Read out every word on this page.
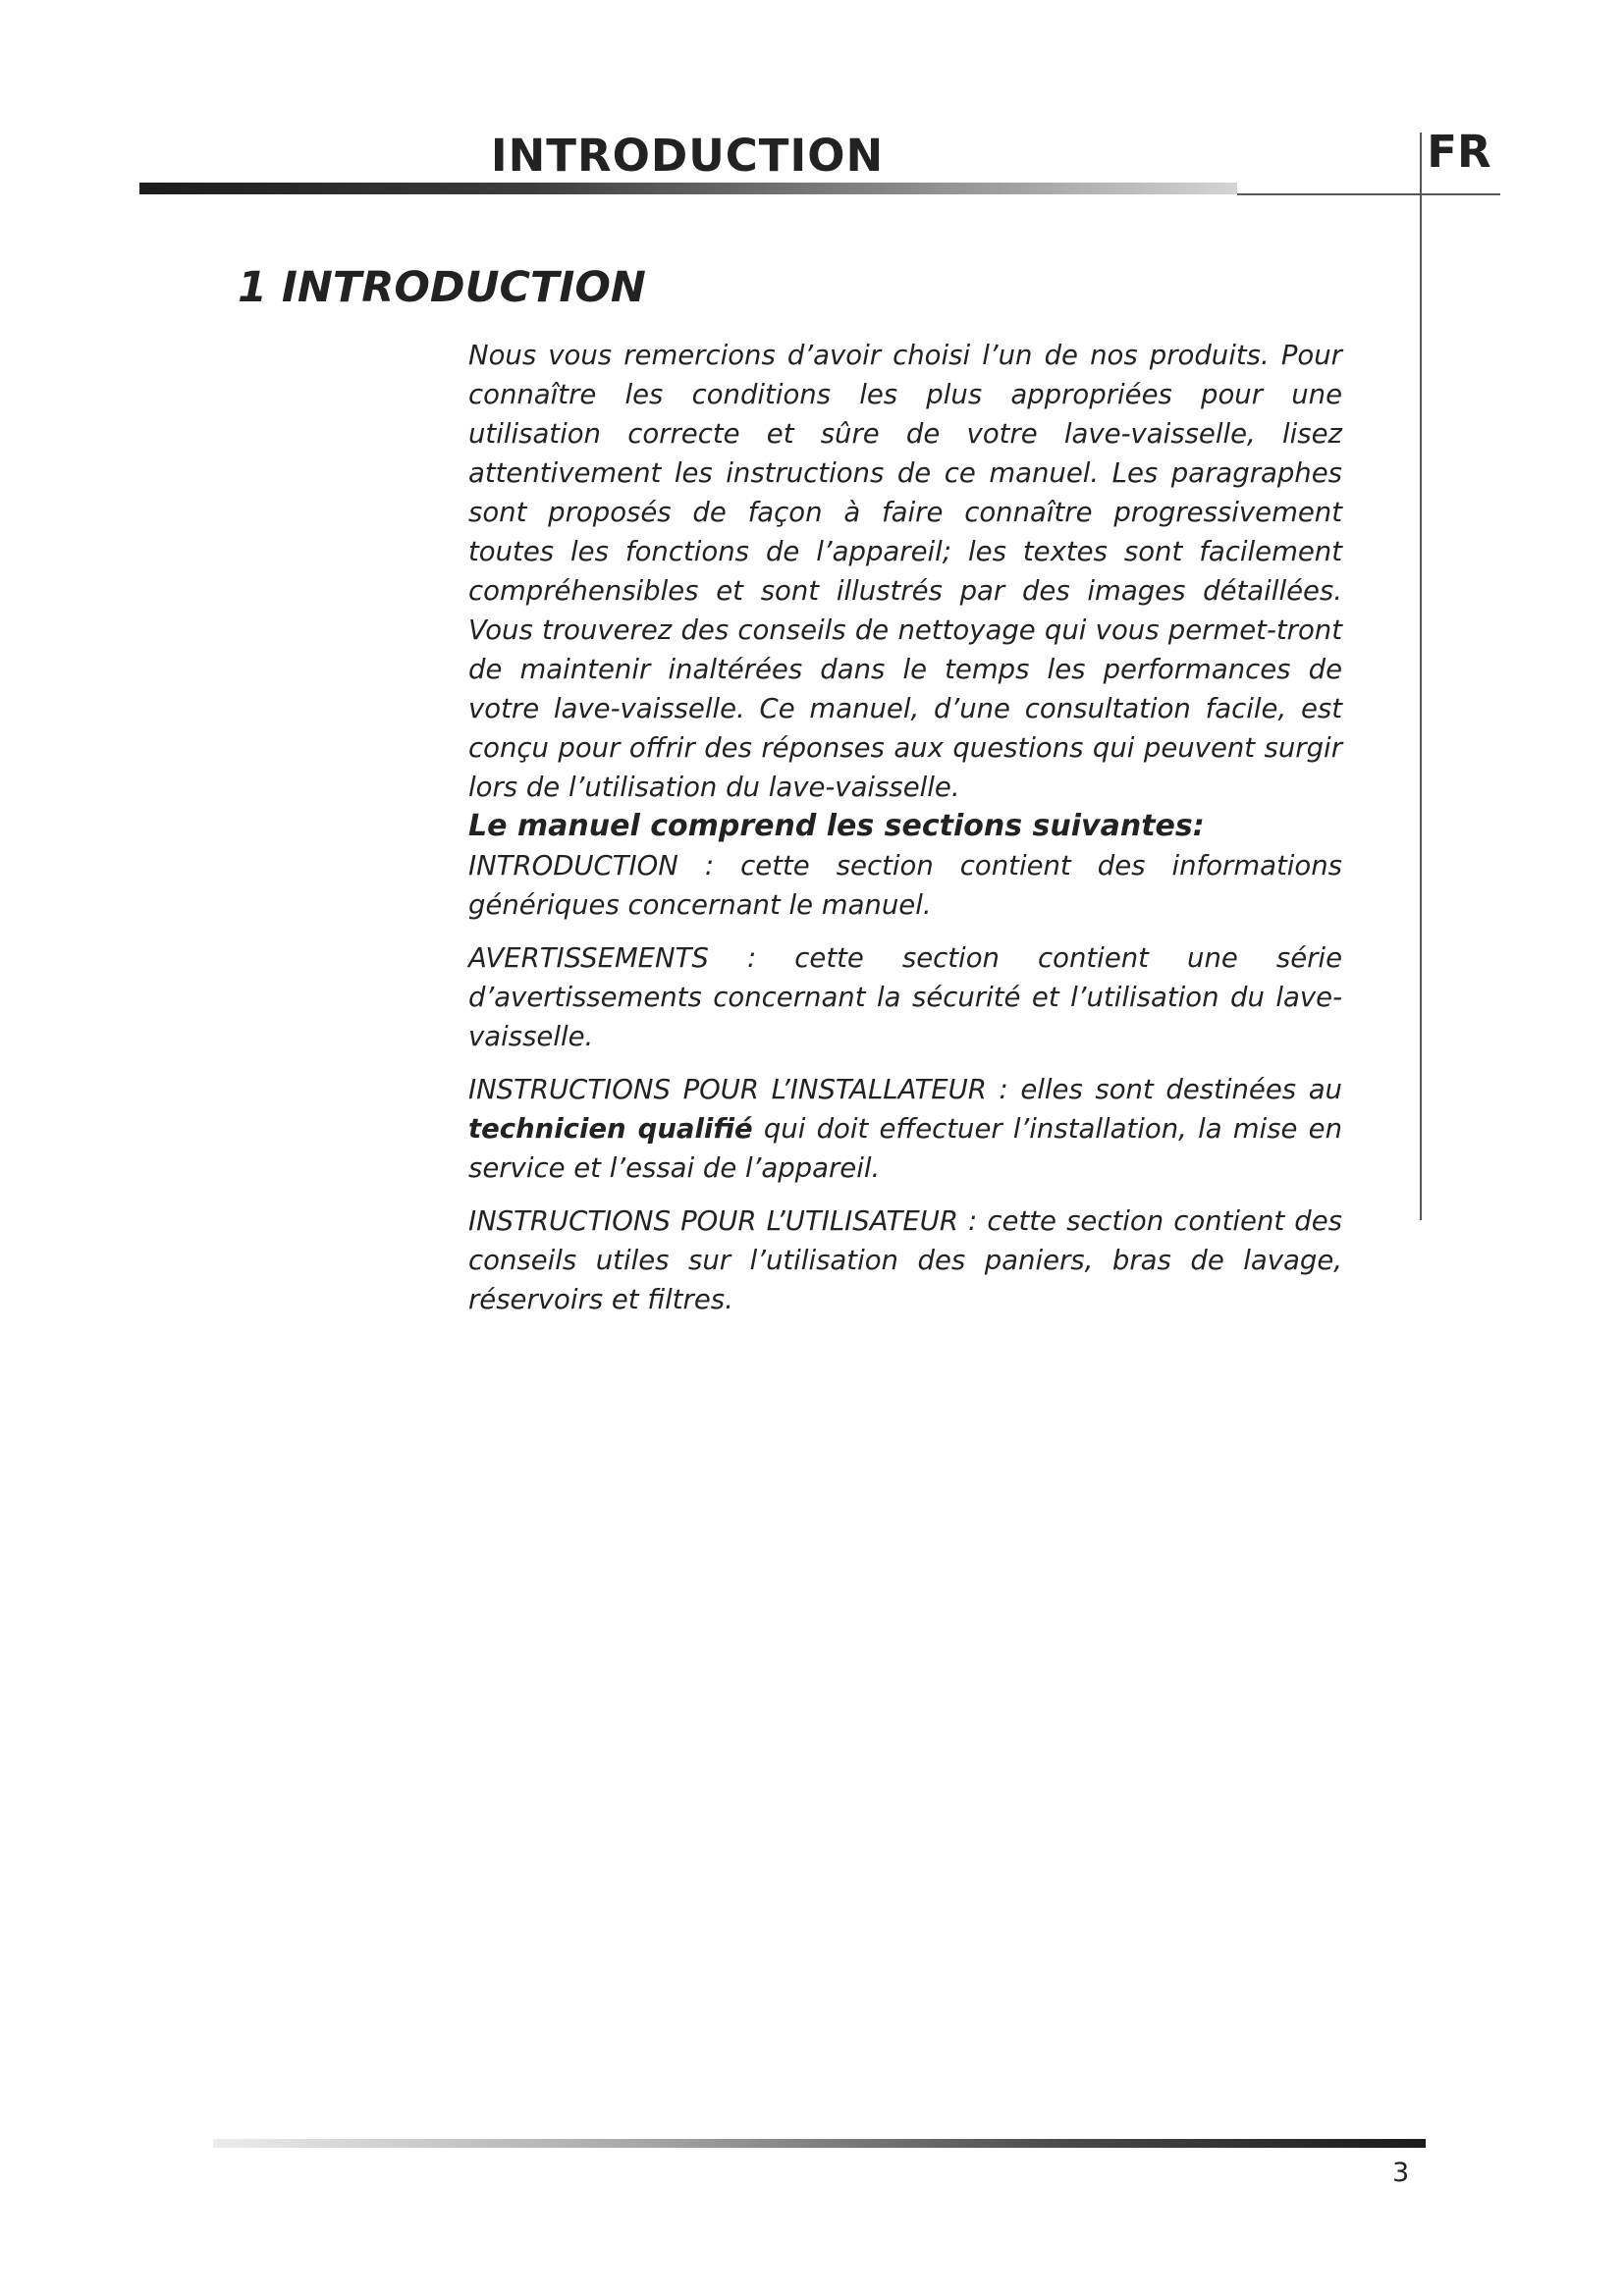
INTRODUCTION	FR
1 INTRODUCTION

Nous vous remercions d’avoir choisi l’un de nos produits. Pour connaître les conditions les plus appropriées pour une utilisation correcte et sûre de votre lave-vaisselle, lisez attentivement les instructions de ce manuel. Les paragraphes sont proposés de façon à faire connaître progressivement toutes les fonctions de l’appareil; les textes sont facilement compréhensibles et sont illustrés par des images détaillées. Vous trouverez des conseils de nettoyage qui vous permet-tront de maintenir inaltérées dans le temps les performances de votre lave-vaisselle. Ce manuel, d’une consultation facile, est conçu pour offrir des réponses aux questions qui peuvent surgir lors de l’utilisation du lave-vaisselle.

Le manuel comprend les sections suivantes:

INTRODUCTION : cette section contient des informations génériques concernant le manuel.

AVERTISSEMENTS : cette section contient une série d’avertissements concernant la sécurité et l’utilisation du lave-vaisselle.

INSTRUCTIONS POUR L’INSTALLATEUR : elles sont destinées au technicien qualifié qui doit effectuer l’installation, la mise en service et l’essai de l’appareil.

INSTRUCTIONS POUR L’UTILISATEUR : cette section contient des conseils utiles sur l’utilisation des paniers, bras de lavage, réservoirs et filtres.

3
